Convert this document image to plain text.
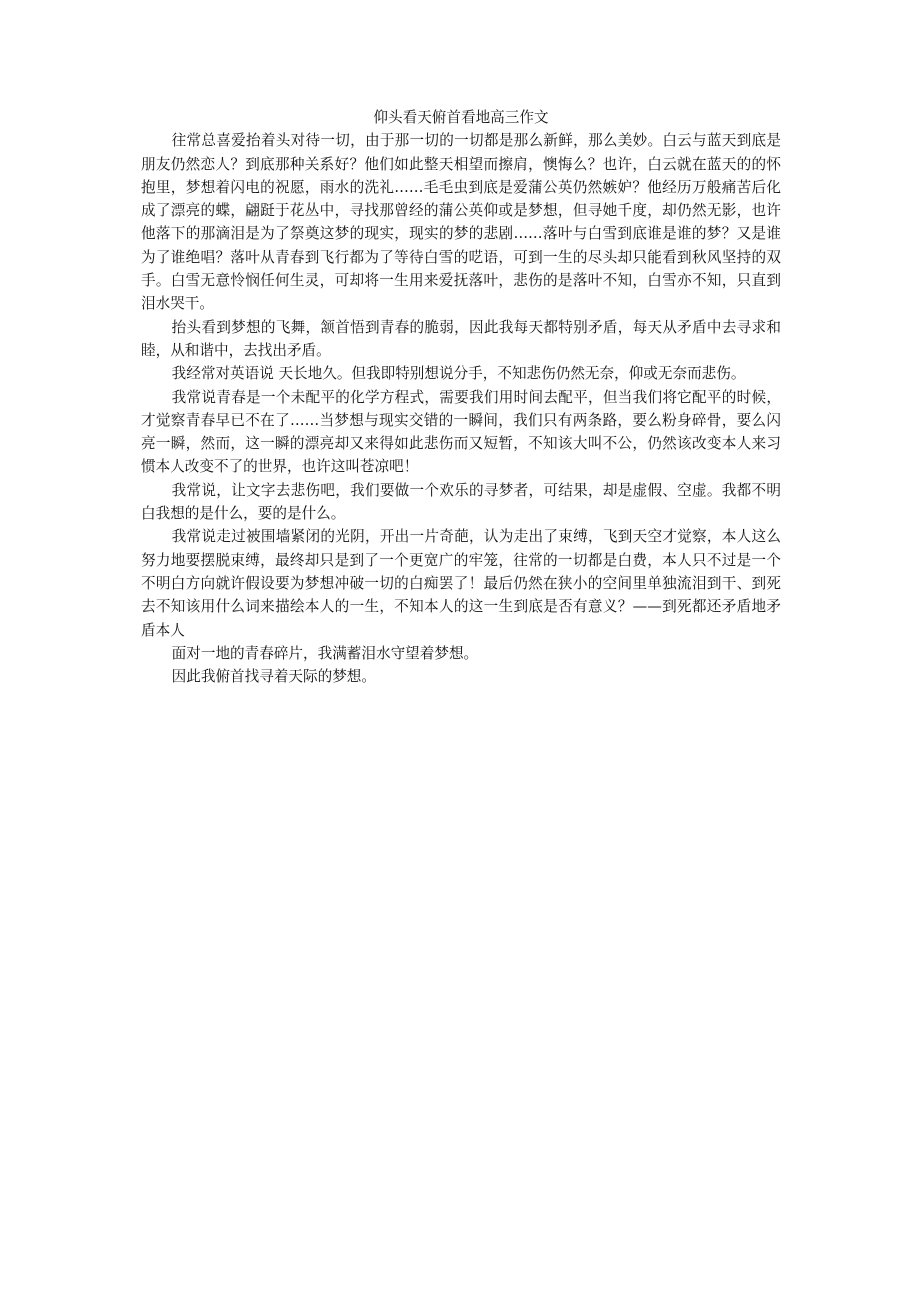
仰头看天俯首看地高三作文

往常总喜爱抬着头对待一切，由于那一切的一切都是那么新鲜，那么美妙。白云与蓝天到底是朋友仍然恋人？到底那种关系好？他们如此整天相望而擦肩，懊悔么？也许，白云就在蓝天的的怀抱里，梦想着闪电的祝愿，雨水的洗礼……毛毛虫到底是爱蒲公英仍然嫉妒？他经历万般痛苦后化成了漂亮的蝶，翩跹于花丛中，寻找那曾经的蒲公英仰或是梦想，但寻她千度，却仍然无影，也许他落下的那滴泪是为了祭奠这梦的现实，现实的梦的悲剧……落叶与白雪到底谁是谁的梦？又是谁为了谁绝唱？落叶从青春到飞行都为了等待白雪的呓语，可到一生的尽头却只能看到秋风坚持的双手。白雪无意怜悯任何生灵，可却将一生用来爱抚落叶，悲伤的是落叶不知，白雪亦不知，只直到泪水哭干。

抬头看到梦想的飞舞，颔首悟到青春的脆弱，因此我每天都特别矛盾，每天从矛盾中去寻求和睦，从和谐中，去找出矛盾。

我经常对英语说 天长地久。但我即特别想说分手，不知悲伤仍然无奈，仰或无奈而悲伤。

我常说青春是一个未配平的化学方程式，需要我们用时间去配平，但当我们将它配平的时候，才觉察青春早已不在了……当梦想与现实交错的一瞬间，我们只有两条路，要么粉身碎骨，要么闪亮一瞬，然而，这一瞬的漂亮却又来得如此悲伤而又短暂，不知该大叫不公，仍然该改变本人来习惯本人改变不了的世界，也许这叫苍凉吧！

我常说，让文字去悲伤吧，我们要做一个欢乐的寻梦者，可结果，却是虚假、空虚。我都不明白我想的是什么，要的是什么。

我常说走过被围墙紧闭的光阴，开出一片奇葩，认为走出了束缚，飞到天空才觉察，本人这么努力地要摆脱束缚，最终却只是到了一个更宽广的牢笼，往常的一切都是白费，本人只不过是一个不明白方向就许假设要为梦想冲破一切的白痴罢了！最后仍然在狭小的空间里单独流泪到干、到死去不知该用什么词来描绘本人的一生，不知本人的这一生到底是否有意义？——到死都还矛盾地矛盾本人

面对一地的青春碎片，我满蓄泪水守望着梦想。

因此我俯首找寻着天际的梦想。
